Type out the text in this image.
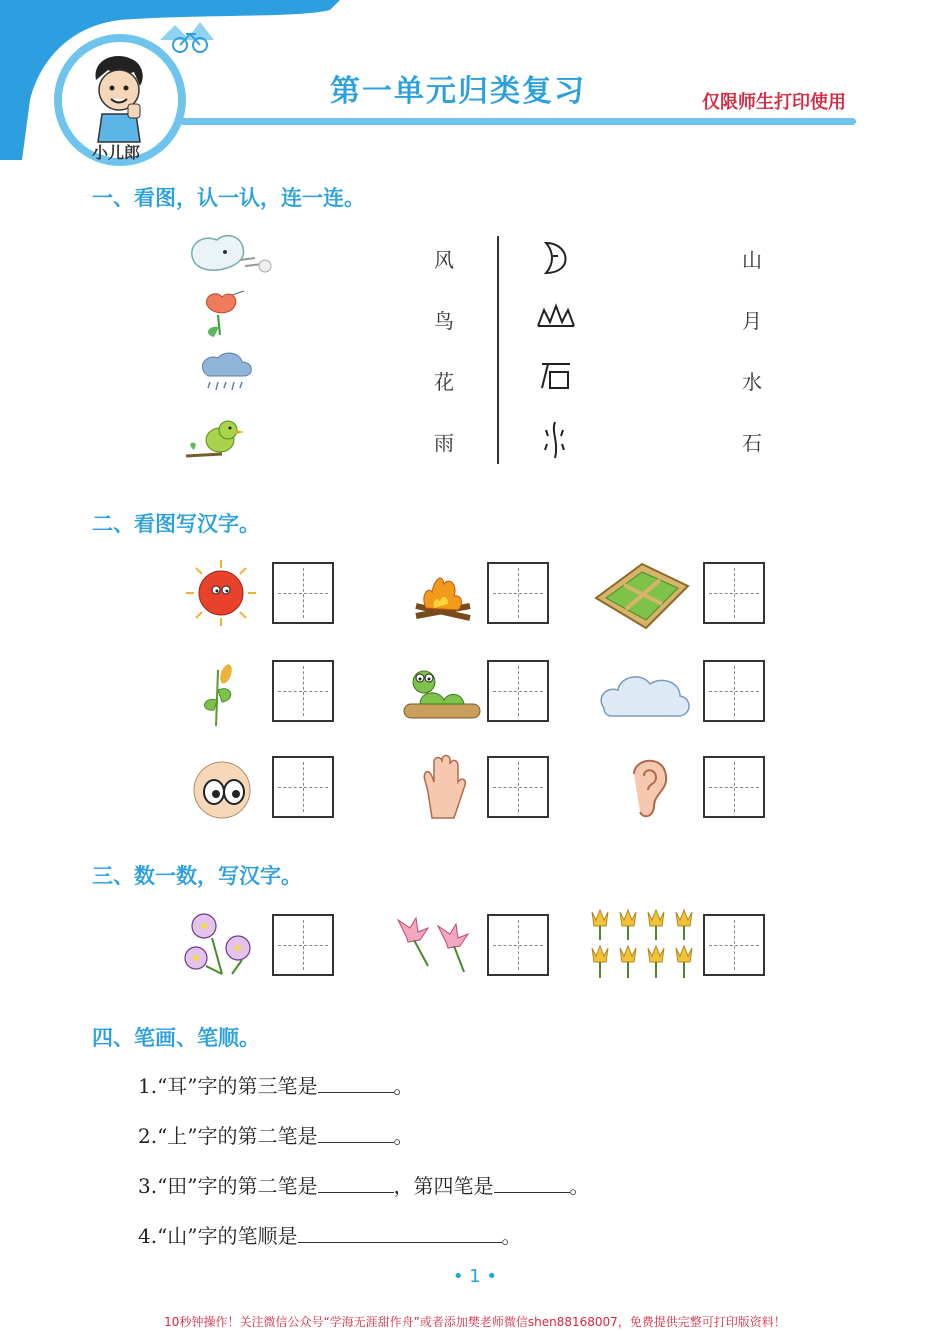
小儿郎
第一单元归类复习	仅限师生打印使用
一、看图，认一认，连一连。
风
鸟
花
雨
山
月
水
石
二、看图写汉字。
三、数一数，写汉字。
四、笔画、笔顺。
1.“耳”字的第三笔是	。
2.“上”字的第二笔是	。
3.“田”字的第二笔是	，第四笔是	。
4.“山”字的笔顺是	。
• 1 •
10秒钟操作！关注微信公众号“学海无涯甜作舟”或者添加樊老师微信shen88168007，免费提供完整可打印版资料！
